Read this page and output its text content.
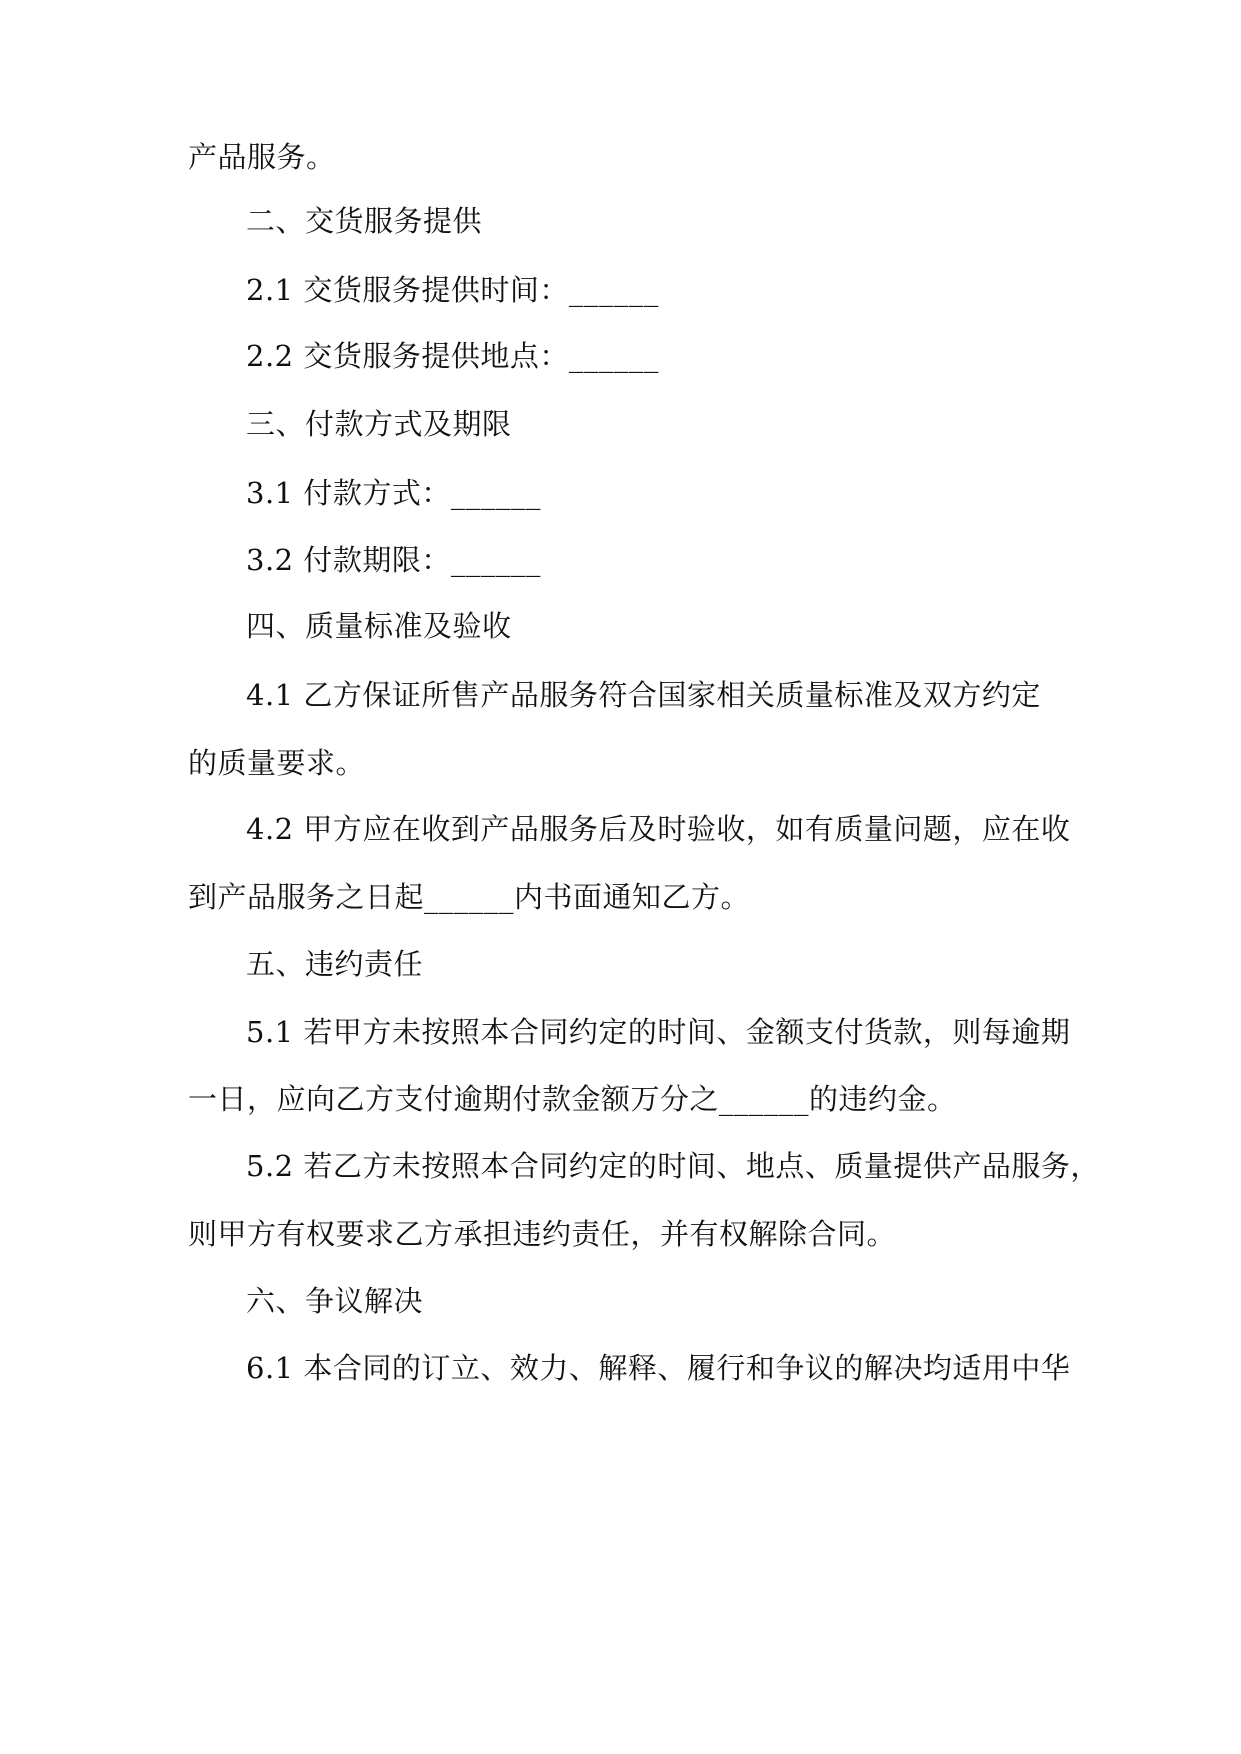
产品服务。
二、交货服务提供
2.1 交货服务提供时间：______
2.2 交货服务提供地点：______
三、付款方式及期限
3.1 付款方式：______
3.2 付款期限：______
四、质量标准及验收
4.1 乙方保证所售产品服务符合国家相关质量标准及双方约定
的质量要求。
4.2 甲方应在收到产品服务后及时验收，如有质量问题，应在收
到产品服务之日起______内书面通知乙方。
五、违约责任
5.1 若甲方未按照本合同约定的时间、金额支付货款，则每逾期
一日，应向乙方支付逾期付款金额万分之______的违约金。
5.2 若乙方未按照本合同约定的时间、地点、质量提供产品服务，
则甲方有权要求乙方承担违约责任，并有权解除合同。
六、争议解决
6.1 本合同的订立、效力、解释、履行和争议的解决均适用中华
